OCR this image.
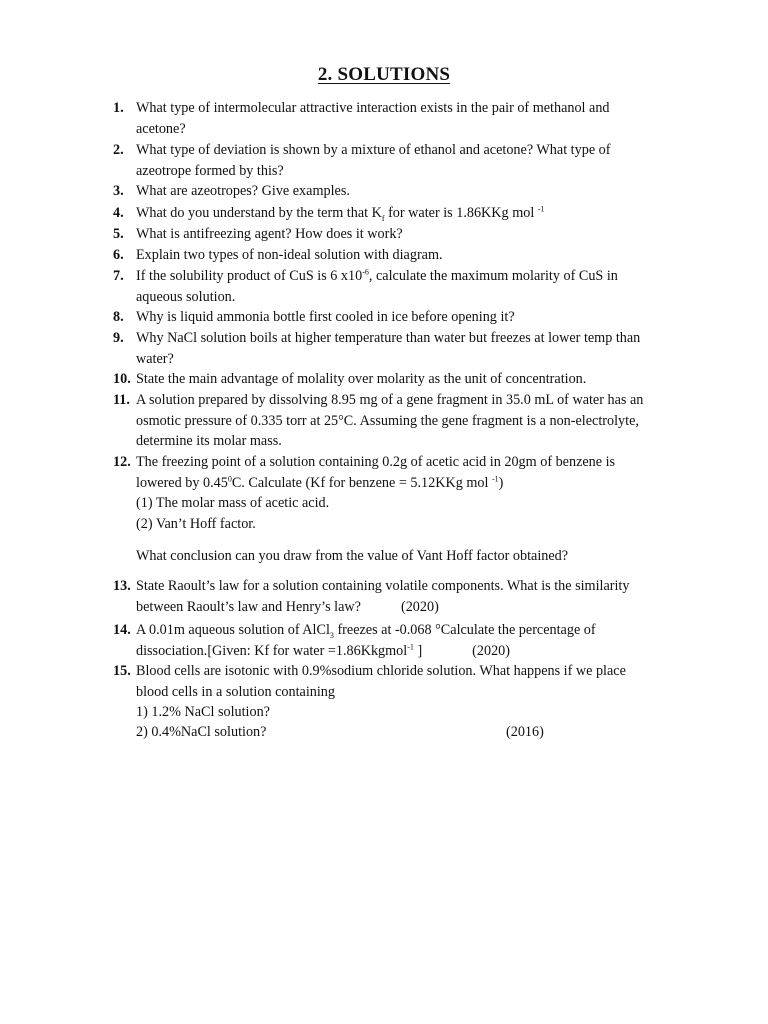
2. SOLUTIONS
1. What type of intermolecular attractive interaction exists in the pair of methanol and
acetone?
2. What type of deviation is shown by a mixture of ethanol and acetone? What type of
azeotrope formed by this?
3. What are azeotropes? Give examples.
4. What do you understand by the term that $K_f$ for water is 1.86KKg mol $^{-1}$
5. What is antifreezing agent? How does it work?
6. Explain two types of non-ideal solution with diagram.
7. If the solubility product of CuS is 6 $x10^{-6}$, calculate the maximum molarity of CuS in
aqueous solution.
8. Why is liquid ammonia bottle first cooled in ice before opening it?
9. Why NaCl solution boils at higher temperature than water but freezes at lower temp than
water?
10. State the main advantage of molality over molarity as the unit of concentration.
11. A solution prepared by dissolving 8.95 mg of a gene fragment in 35.0 mL of water has an
osmotic pressure of 0.335 torr at 25°C. Assuming the gene fragment is a non-electrolyte,
determine its molar mass.
12. The freezing point of a solution containing 0.2g of acetic acid in 20gm of benzene is
lowered by 0.45$^0$C. Calculate (Kf for benzene = 5.12KKg mol $^{-1}$)
(1) The molar mass of acetic acid.
(2) Van’t Hoff factor.
What conclusion can you draw from the value of Vant Hoff factor obtained?
13. State Raoult’s law for a solution containing volatile components. What is the similarity
between Raoult’s law and Henry’s law?	(2020)
14. A 0.01m aqueous solution of AlCl$_3$ freezes at -0.068 °Calculate the percentage of
dissociation.[Given: Kf for water =1.86Kkgmol$^{-1}$ ]	(2020)
15. Blood cells are isotonic with 0.9%sodium chloride solution. What happens if we place
blood cells in a solution containing
1) 1.2% NaCl solution?
2) 0.4%NaCl solution?	(2016)
